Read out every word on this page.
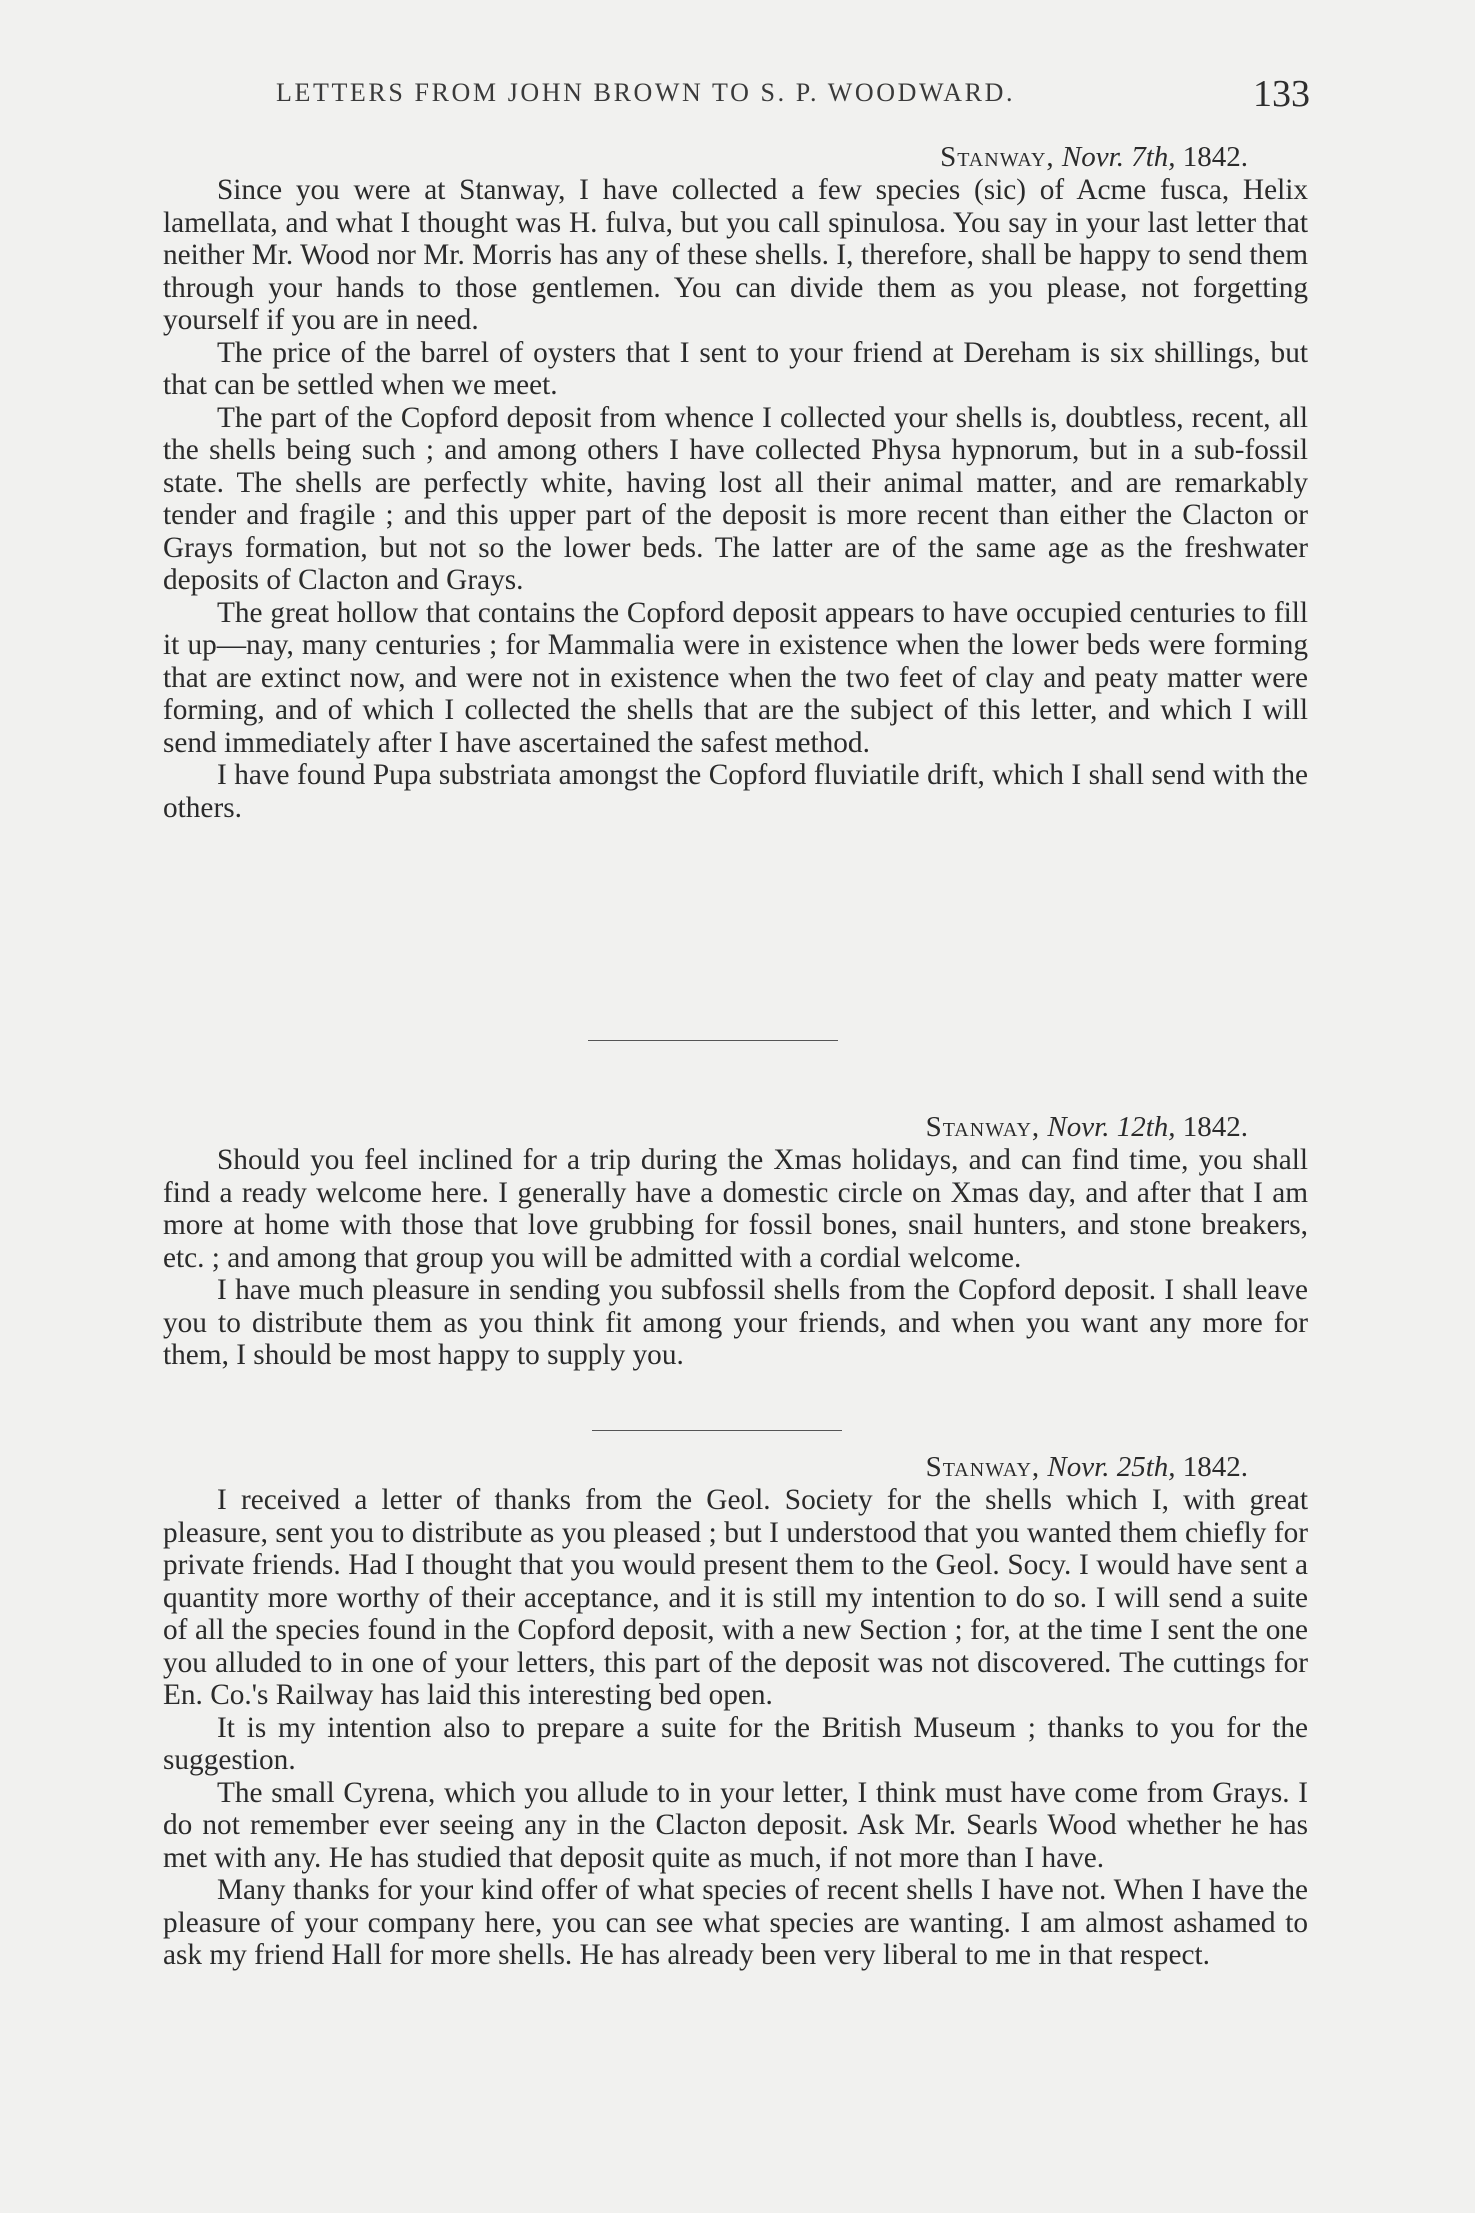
LETTERS FROM JOHN BROWN TO S. P. WOODWARD.	133
Stanway, Novr. 7th, 1842.

Since you were at Stanway, I have collected a few species (sic) of Acme fusca, Helix lamellata, and what I thought was H. fulva, but you call spinulosa. You say in your last letter that neither Mr. Wood nor Mr. Morris has any of these shells. I, therefore, shall be happy to send them through your hands to those gentlemen. You can divide them as you please, not forgetting yourself if you are in need.

The price of the barrel of oysters that I sent to your friend at Dereham is six shillings, but that can be settled when we meet.

The part of the Copford deposit from whence I collected your shells is, doubtless, recent, all the shells being such ; and among others I have collected Physa hypnorum, but in a sub-fossil state. The shells are perfectly white, having lost all their animal matter, and are remarkably tender and fragile ; and this upper part of the deposit is more recent than either the Clacton or Grays formation, but not so the lower beds. The latter are of the same age as the freshwater deposits of Clacton and Grays.

The great hollow that contains the Copford deposit appears to have occupied centuries to fill it up—nay, many centuries ; for Mammalia were in existence when the lower beds were forming that are extinct now, and were not in existence when the two feet of clay and peaty matter were forming, and of which I collected the shells that are the subject of this letter, and which I will send immediately after I have ascertained the safest method.

I have found Pupa substriata amongst the Copford fluviatile drift, which I shall send with the others.

Stanway, Novr. 12th, 1842.

Should you feel inclined for a trip during the Xmas holidays, and can find time, you shall find a ready welcome here. I generally have a domestic circle on Xmas day, and after that I am more at home with those that love grubbing for fossil bones, snail hunters, and stone breakers, etc. ; and among that group you will be admitted with a cordial welcome.

I have much pleasure in sending you subfossil shells from the Copford deposit. I shall leave you to distribute them as you think fit among your friends, and when you want any more for them, I should be most happy to supply you.

Stanway, Novr. 25th, 1842.

I received a letter of thanks from the Geol. Society for the shells which I, with great pleasure, sent you to distribute as you pleased ; but I understood that you wanted them chiefly for private friends. Had I thought that you would present them to the Geol. Socy. I would have sent a quantity more worthy of their acceptance, and it is still my intention to do so. I will send a suite of all the species found in the Copford deposit, with a new Section ; for, at the time I sent the one you alluded to in one of your letters, this part of the deposit was not discovered. The cuttings for En. Co.'s Railway has laid this interesting bed open.

It is my intention also to prepare a suite for the British Museum ; thanks to you for the suggestion.

The small Cyrena, which you allude to in your letter, I think must have come from Grays. I do not remember ever seeing any in the Clacton deposit. Ask Mr. Searls Wood whether he has met with any. He has studied that deposit quite as much, if not more than I have.

Many thanks for your kind offer of what species of recent shells I have not. When I have the pleasure of your company here, you can see what species are wanting. I am almost ashamed to ask my friend Hall for more shells. He has already been very liberal to me in that respect.
